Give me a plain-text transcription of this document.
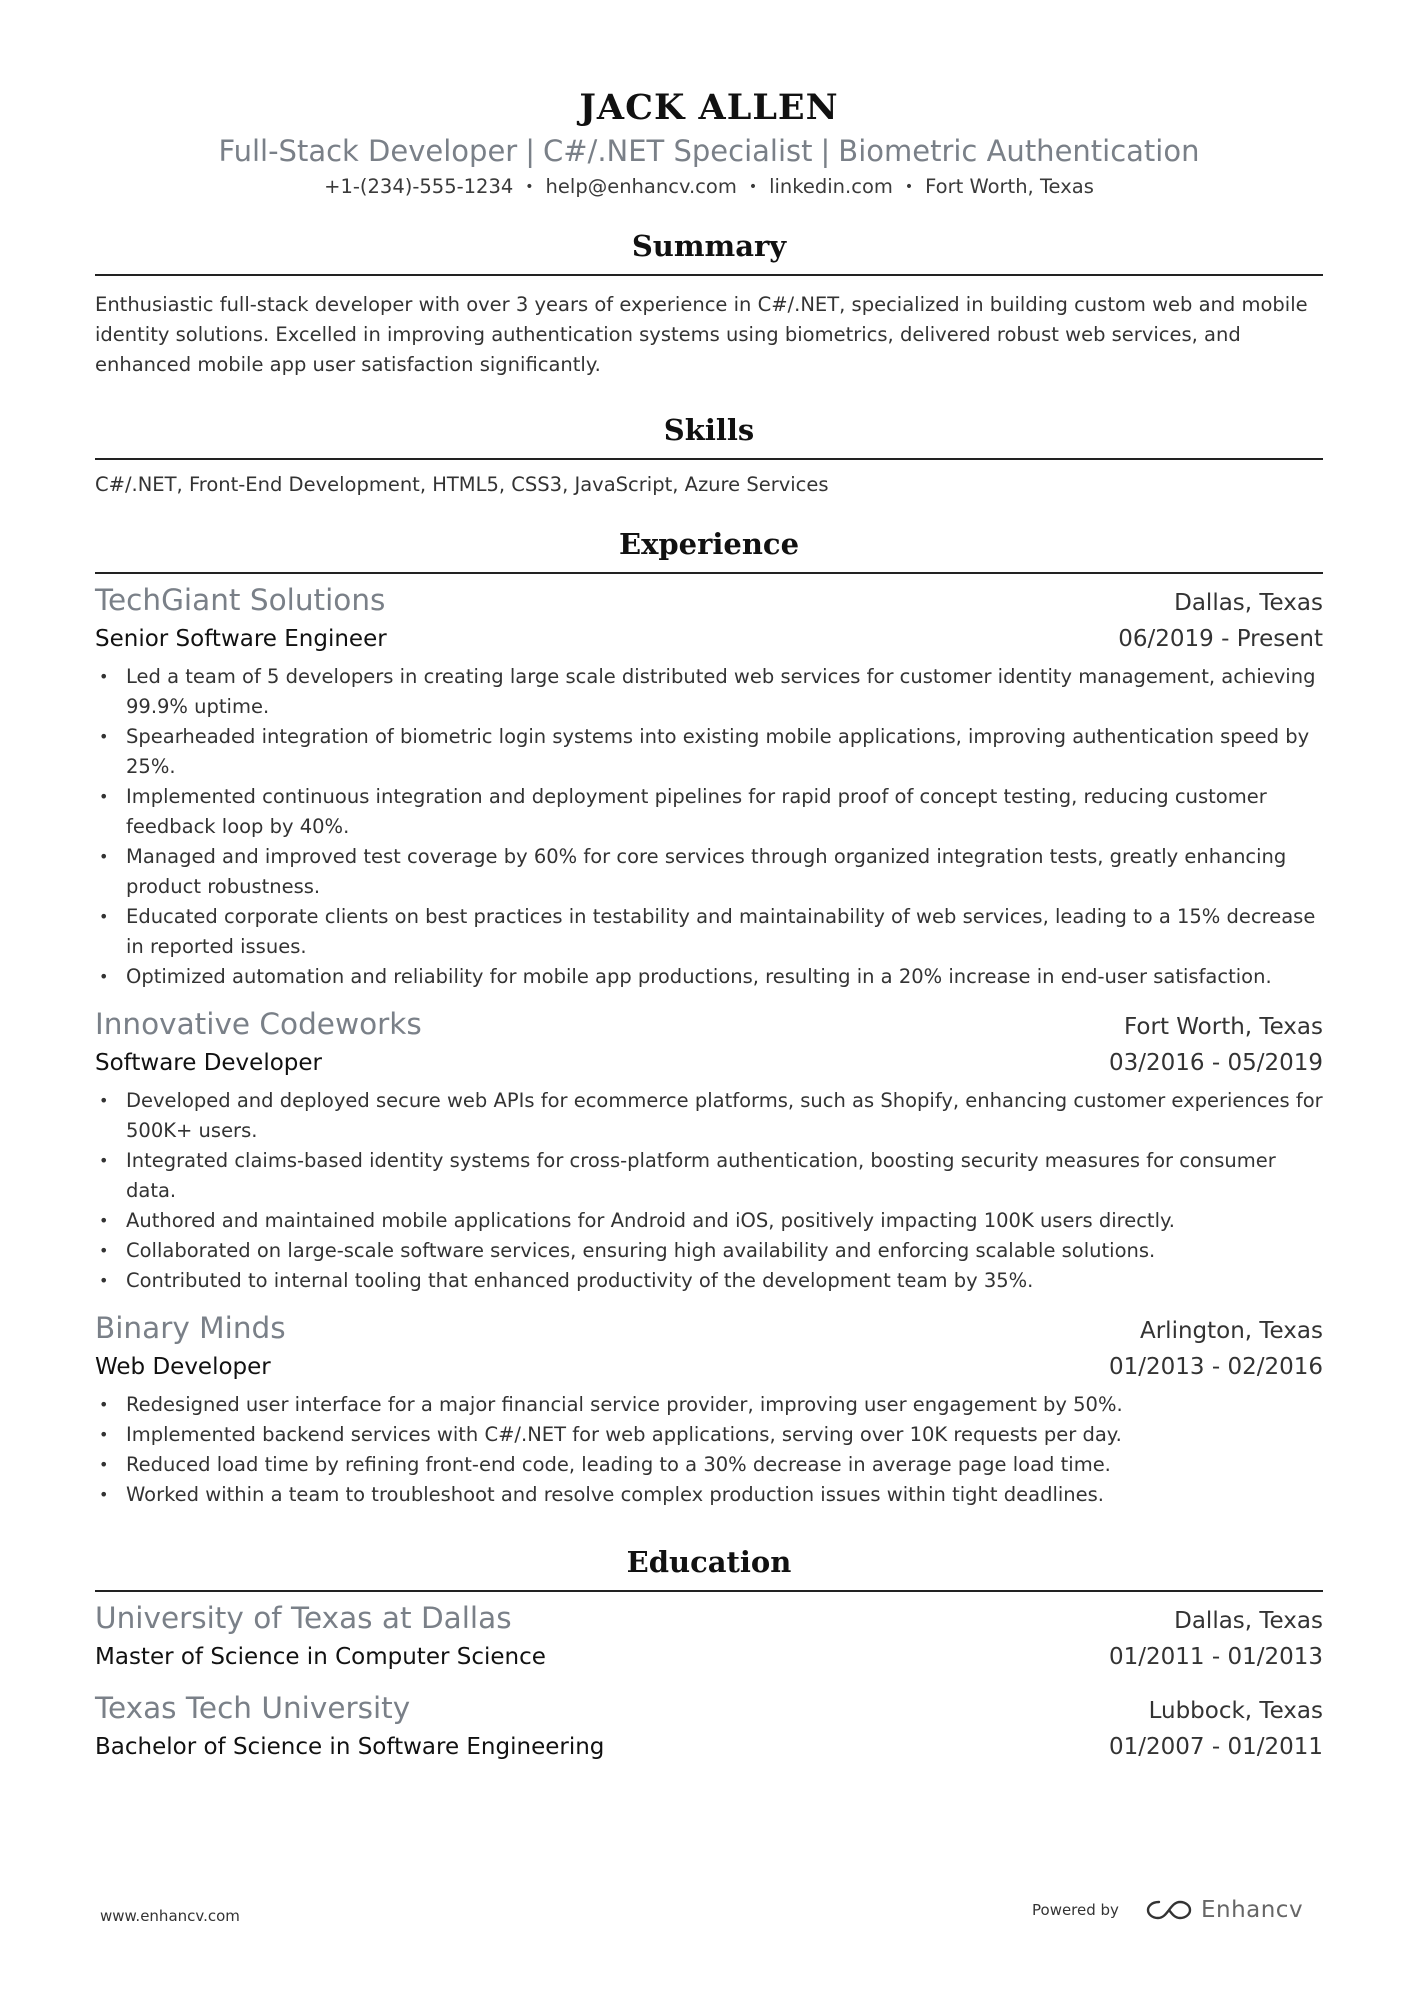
JACK ALLEN
Full-Stack Developer | C#/.NET Specialist | Biometric Authentication
+1-(234)-555-1234 • help@enhancv.com • linkedin.com • Fort Worth, Texas
Summary
Enthusiastic full-stack developer with over 3 years of experience in C#/.NET, specialized in building custom web and mobile identity solutions. Excelled in improving authentication systems using biometrics, delivered robust web services, and enhanced mobile app user satisfaction significantly.
Skills
C#/.NET, Front-End Development, HTML5, CSS3, JavaScript, Azure Services
Experience
TechGiant Solutions	Dallas, Texas
Senior Software Engineer	06/2019 - Present
• Led a team of 5 developers in creating large scale distributed web services for customer identity management, achieving 99.9% uptime.
• Spearheaded integration of biometric login systems into existing mobile applications, improving authentication speed by 25%.
• Implemented continuous integration and deployment pipelines for rapid proof of concept testing, reducing customer feedback loop by 40%.
• Managed and improved test coverage by 60% for core services through organized integration tests, greatly enhancing product robustness.
• Educated corporate clients on best practices in testability and maintainability of web services, leading to a 15% decrease in reported issues.
• Optimized automation and reliability for mobile app productions, resulting in a 20% increase in end-user satisfaction.
Innovative Codeworks	Fort Worth, Texas
Software Developer	03/2016 - 05/2019
• Developed and deployed secure web APIs for ecommerce platforms, such as Shopify, enhancing customer experiences for 500K+ users.
• Integrated claims-based identity systems for cross-platform authentication, boosting security measures for consumer data.
• Authored and maintained mobile applications for Android and iOS, positively impacting 100K users directly.
• Collaborated on large-scale software services, ensuring high availability and enforcing scalable solutions.
• Contributed to internal tooling that enhanced productivity of the development team by 35%.
Binary Minds	Arlington, Texas
Web Developer	01/2013 - 02/2016
• Redesigned user interface for a major financial service provider, improving user engagement by 50%.
• Implemented backend services with C#/.NET for web applications, serving over 10K requests per day.
• Reduced load time by refining front-end code, leading to a 30% decrease in average page load time.
• Worked within a team to troubleshoot and resolve complex production issues within tight deadlines.
Education
University of Texas at Dallas	Dallas, Texas
Master of Science in Computer Science	01/2011 - 01/2013
Texas Tech University	Lubbock, Texas
Bachelor of Science in Software Engineering	01/2007 - 01/2011
www.enhancv.com	Powered by	Enhancv
